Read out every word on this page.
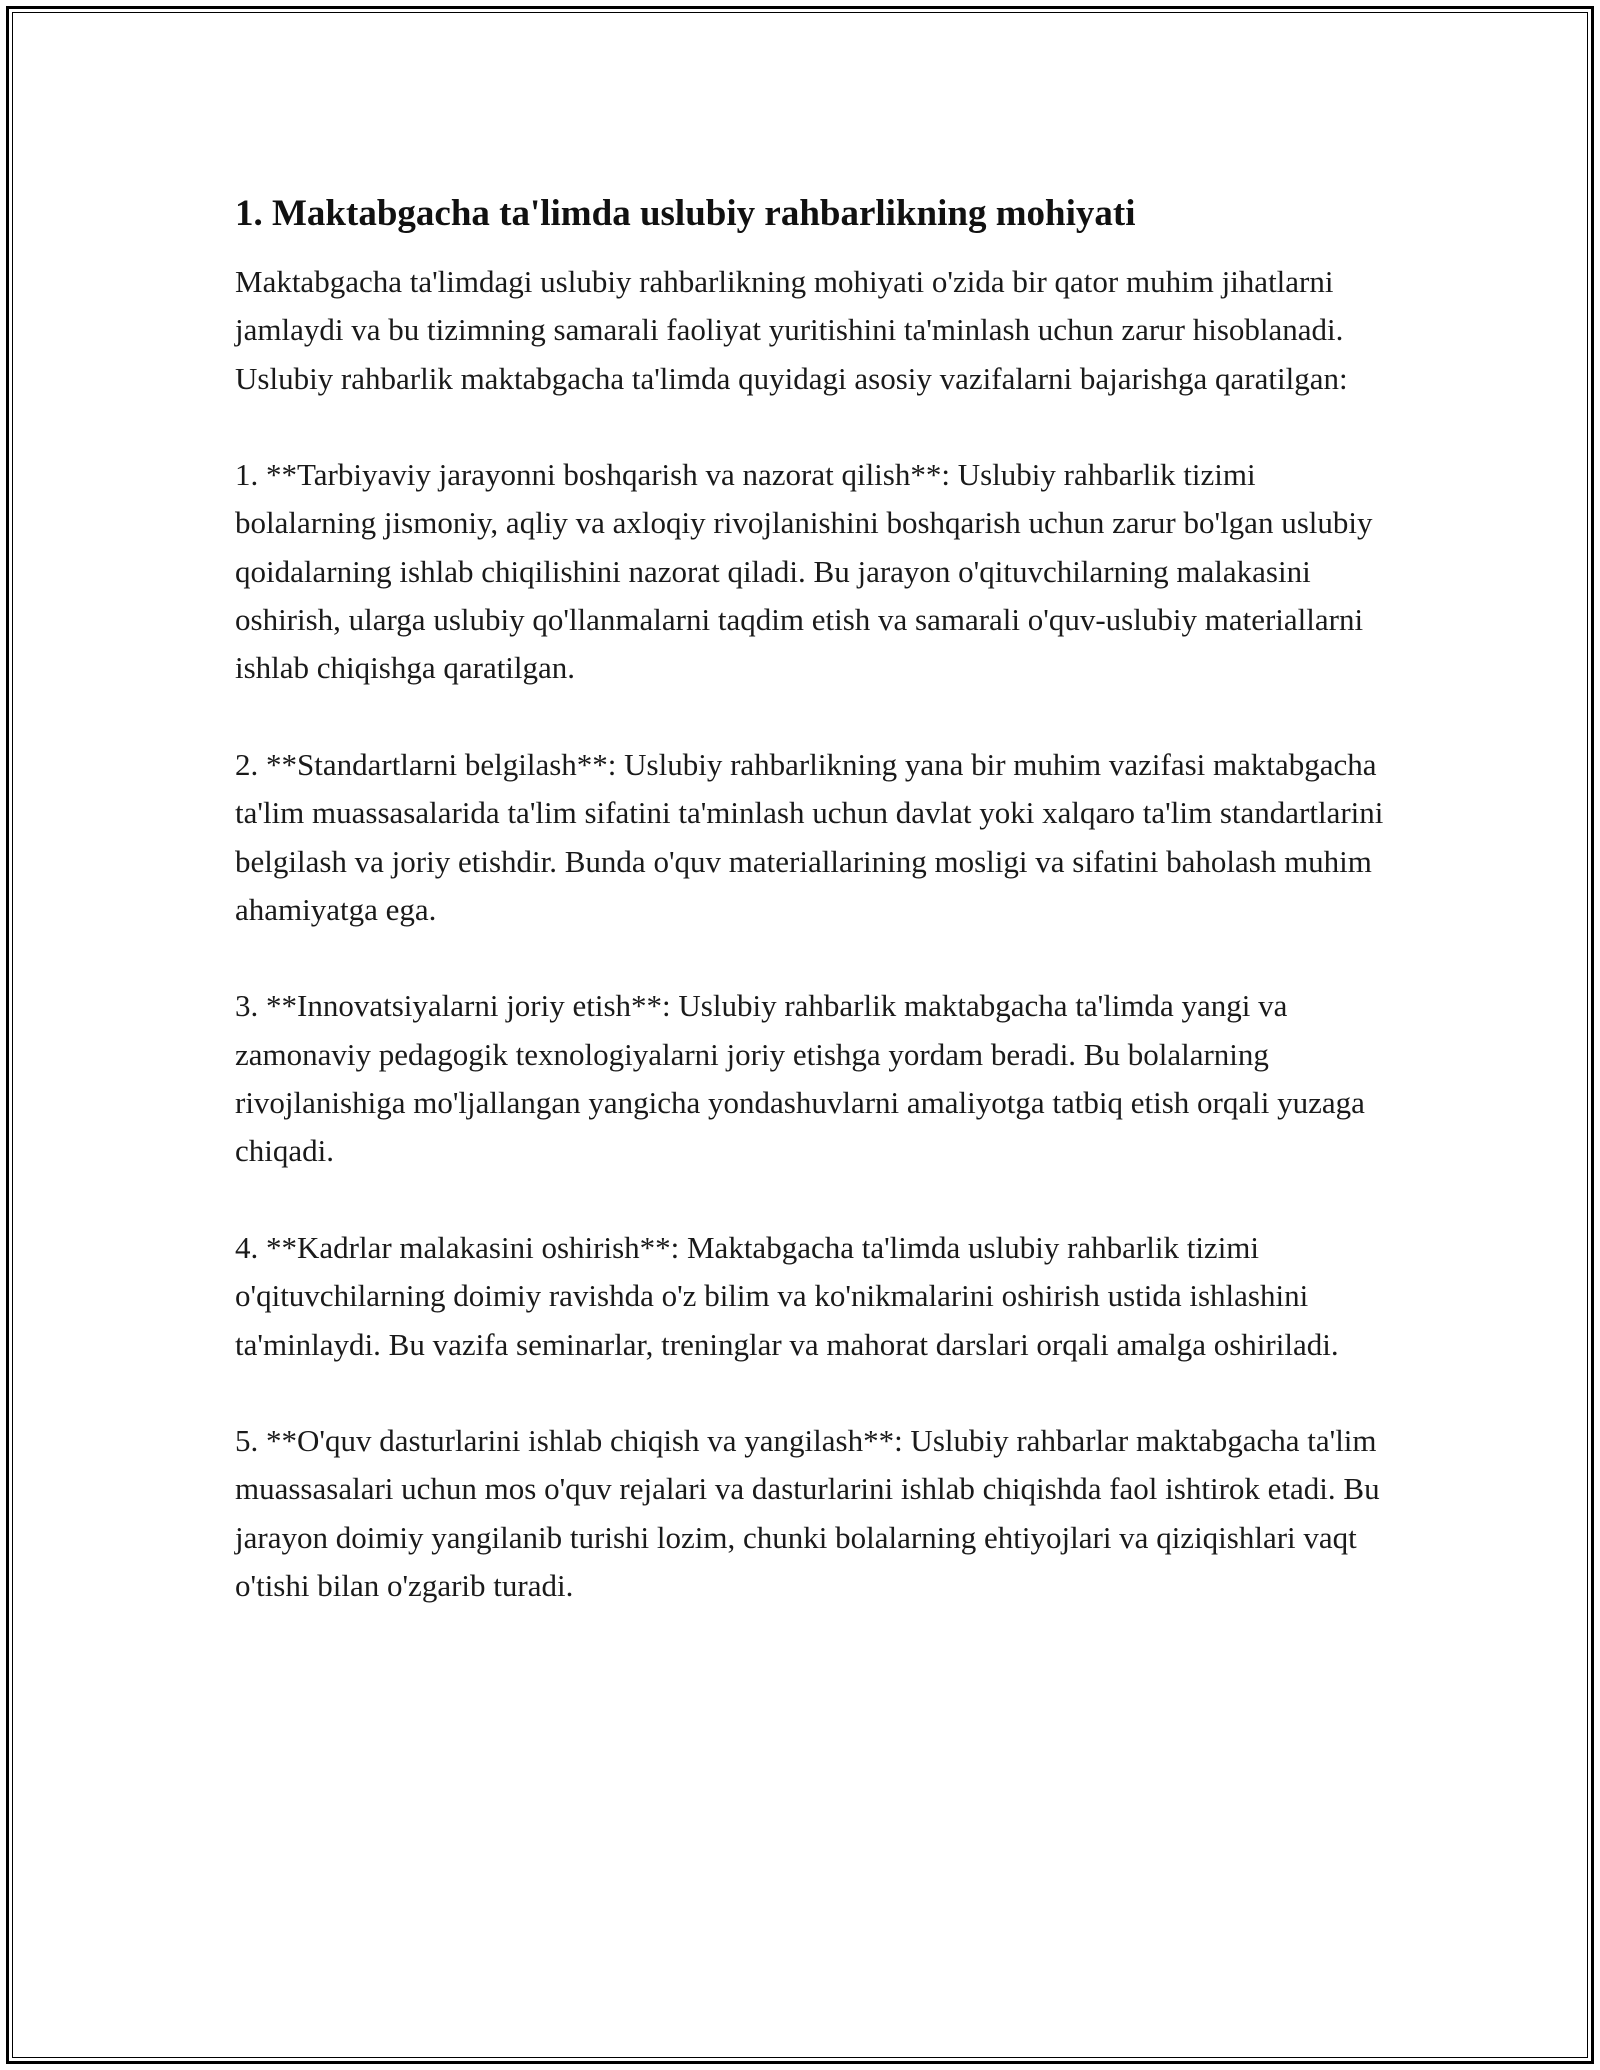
1. Maktabgacha ta'limda uslubiy rahbarlikning mohiyati

Maktabgacha ta'limdagi uslubiy rahbarlikning mohiyati o'zida bir qator muhim jihatlarni jamlaydi va bu tizimning samarali faoliyat yuritishini ta'minlash uchun zarur hisoblanadi. Uslubiy rahbarlik maktabgacha ta'limda quyidagi asosiy vazifalarni bajarishga qaratilgan:

1. **Tarbiyaviy jarayonni boshqarish va nazorat qilish**: Uslubiy rahbarlik tizimi bolalarning jismoniy, aqliy va axloqiy rivojlanishini boshqarish uchun zarur bo'lgan uslubiy qoidalarning ishlab chiqilishini nazorat qiladi. Bu jarayon o'qituvchilarning malakasini oshirish, ularga uslubiy qo'llanmalarni taqdim etish va samarali o'quv-uslubiy materiallarni ishlab chiqishga qaratilgan.

2. **Standartlarni belgilash**: Uslubiy rahbarlikning yana bir muhim vazifasi maktabgacha ta'lim muassasalarida ta'lim sifatini ta'minlash uchun davlat yoki xalqaro ta'lim standartlarini belgilash va joriy etishdir. Bunda o'quv materiallarining mosligi va sifatini baholash muhim ahamiyatga ega.

3. **Innovatsiyalarni joriy etish**: Uslubiy rahbarlik maktabgacha ta'limda yangi va zamonaviy pedagogik texnologiyalarni joriy etishga yordam beradi. Bu bolalarning rivojlanishiga mo'ljallangan yangicha yondashuvlarni amaliyotga tatbiq etish orqali yuzaga chiqadi.

4. **Kadrlar malakasini oshirish**: Maktabgacha ta'limda uslubiy rahbarlik tizimi o'qituvchilarning doimiy ravishda o'z bilim va ko'nikmalarini oshirish ustida ishlashini ta'minlaydi. Bu vazifa seminarlar, treninglar va mahorat darslari orqali amalga oshiriladi.

5. **O'quv dasturlarini ishlab chiqish va yangilash**: Uslubiy rahbarlar maktabgacha ta'lim muassasalari uchun mos o'quv rejalari va dasturlarini ishlab chiqishda faol ishtirok etadi. Bu jarayon doimiy yangilanib turishi lozim, chunki bolalarning ehtiyojlari va qiziqishlari vaqt o'tishi bilan o'zgarib turadi.
